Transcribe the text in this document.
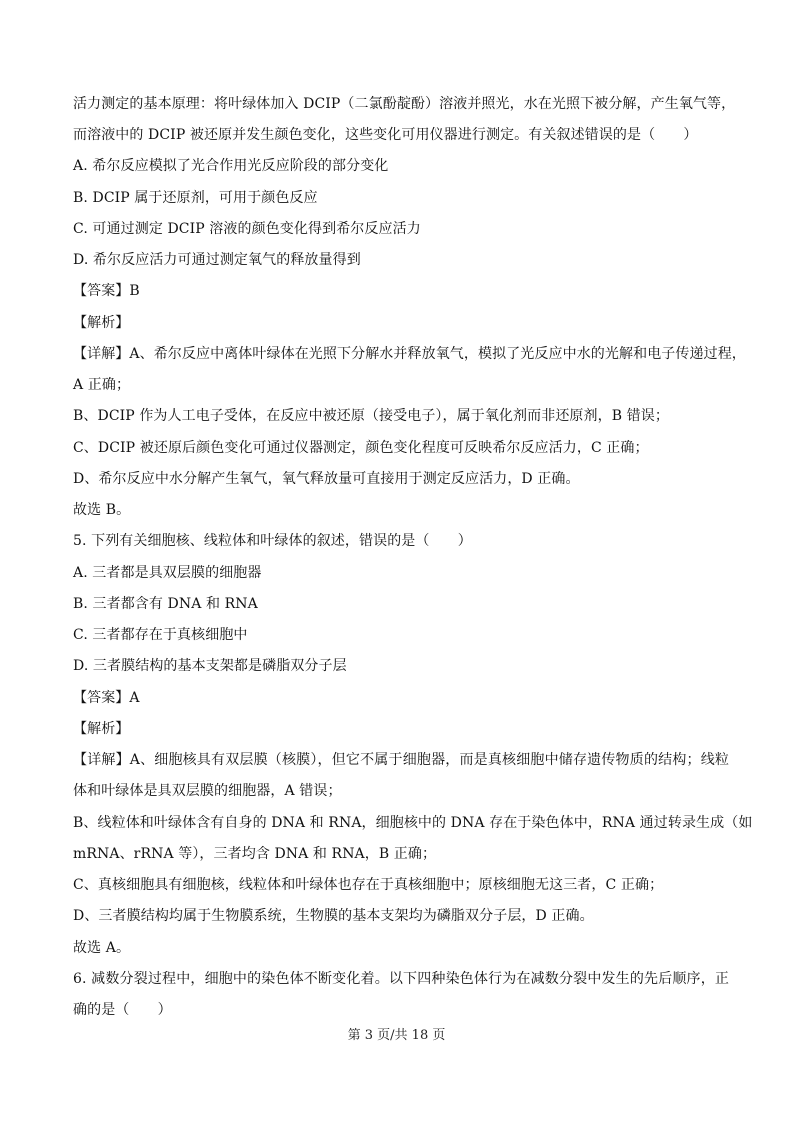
活力测定的基本原理：将叶绿体加入 DCIP（二氯酚靛酚）溶液并照光，水在光照下被分解，产生氧气等，
而溶液中的 DCIP 被还原并发生颜色变化，这些变化可用仪器进行测定。有关叙述错误的是（　　）
A. 希尔反应模拟了光合作用光反应阶段的部分变化
B. DCIP 属于还原剂，可用于颜色反应
C. 可通过测定 DCIP 溶液的颜色变化得到希尔反应活力
D. 希尔反应活力可通过测定氧气的释放量得到
【答案】B
【解析】
【详解】A、希尔反应中离体叶绿体在光照下分解水并释放氧气，模拟了光反应中水的光解和电子传递过程，
A 正确；
B、DCIP 作为人工电子受体，在反应中被还原（接受电子），属于氧化剂而非还原剂，B 错误；
C、DCIP 被还原后颜色变化可通过仪器测定，颜色变化程度可反映希尔反应活力，C 正确；
D、希尔反应中水分解产生氧气，氧气释放量可直接用于测定反应活力，D 正确。
故选 B。
5. 下列有关细胞核、线粒体和叶绿体的叙述，错误的是（　　）
A. 三者都是具双层膜的细胞器
B. 三者都含有 DNA 和 RNA
C. 三者都存在于真核细胞中
D. 三者膜结构的基本支架都是磷脂双分子层
【答案】A
【解析】
【详解】A、细胞核具有双层膜（核膜），但它不属于细胞器，而是真核细胞中储存遗传物质的结构；线粒
体和叶绿体是具双层膜的细胞器，A 错误；
B、线粒体和叶绿体含有自身的 DNA 和 RNA，细胞核中的 DNA 存在于染色体中，RNA 通过转录生成（如
mRNA、rRNA 等），三者均含 DNA 和 RNA，B 正确；
C、真核细胞具有细胞核，线粒体和叶绿体也存在于真核细胞中；原核细胞无这三者，C 正确；
D、三者膜结构均属于生物膜系统，生物膜的基本支架均为磷脂双分子层，D 正确。
故选 A。
6. 减数分裂过程中，细胞中的染色体不断变化着。以下四种染色体行为在减数分裂中发生的先后顺序，正
确的是（　　）
第 3 页/共 18 页
